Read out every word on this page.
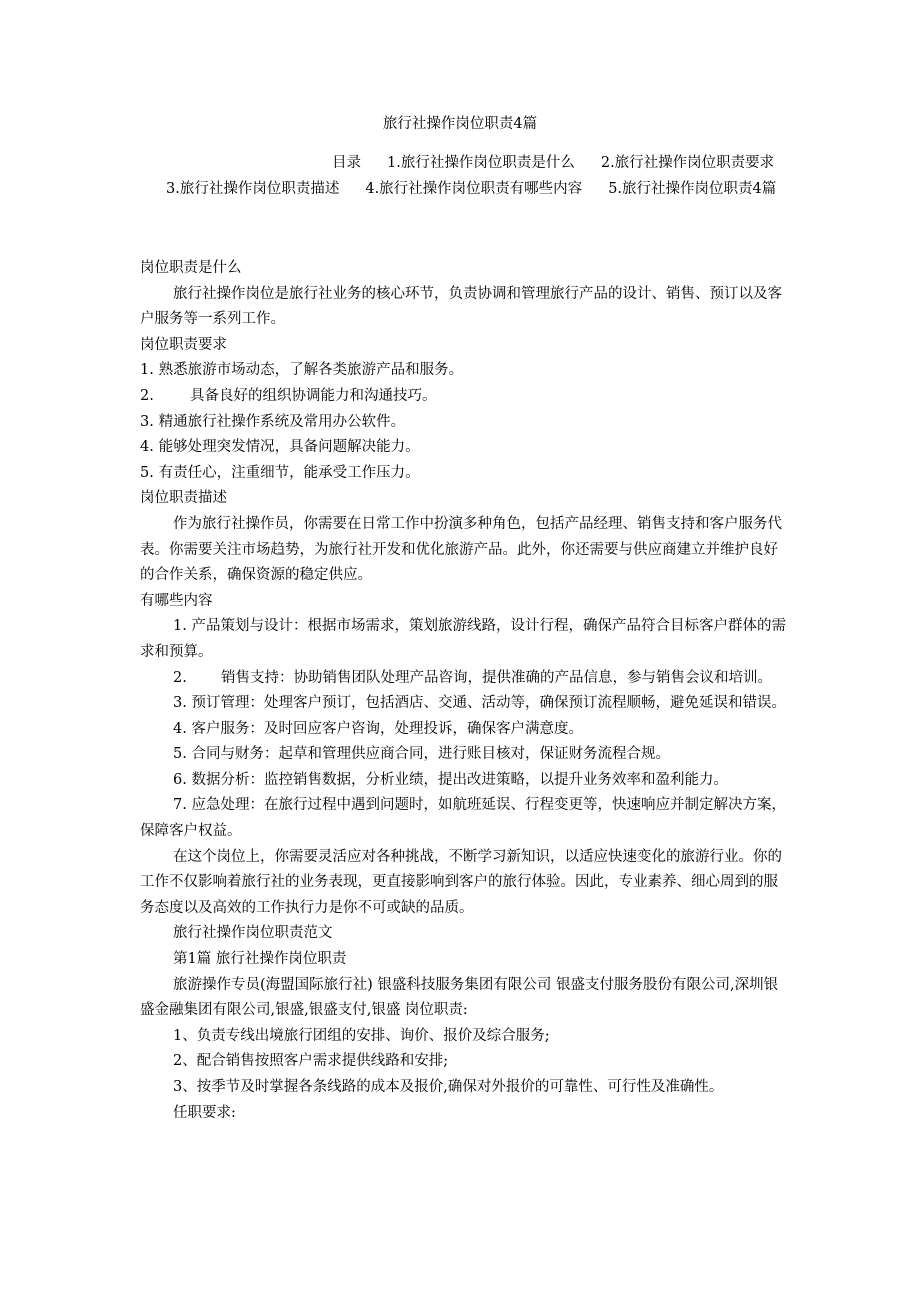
旅行社操作岗位职责4篇
目录 1.旅行社操作岗位职责是什么 2.旅行社操作岗位职责要求3.旅行社操作岗位职责描述 4.旅行社操作岗位职责有哪些内容 5.旅行社操作岗位职责4篇

岗位职责是什么

旅行社操作岗位是旅行社业务的核心环节，负责协调和管理旅行产品的设计、销售、预订以及客户服务等一系列工作。

岗位职责要求

1. 熟悉旅游市场动态，了解各类旅游产品和服务。

2. 具备良好的组织协调能力和沟通技巧。

3. 精通旅行社操作系统及常用办公软件。

4. 能够处理突发情况，具备问题解决能力。

5. 有责任心，注重细节，能承受工作压力。

岗位职责描述

作为旅行社操作员，你需要在日常工作中扮演多种角色，包括产品经理、销售支持和客户服务代表。你需要关注市场趋势，为旅行社开发和优化旅游产品。此外，你还需要与供应商建立并维护良好的合作关系，确保资源的稳定供应。

有哪些内容

1. 产品策划与设计：根据市场需求，策划旅游线路，设计行程，确保产品符合目标客户群体的需求和预算。

2. 销售支持：协助销售团队处理产品咨询，提供准确的产品信息，参与销售会议和培训。

3. 预订管理：处理客户预订，包括酒店、交通、活动等，确保预订流程顺畅，避免延误和错误。

4. 客户服务：及时回应客户咨询，处理投诉，确保客户满意度。

5. 合同与财务：起草和管理供应商合同，进行账目核对，保证财务流程合规。

6. 数据分析：监控销售数据，分析业绩，提出改进策略，以提升业务效率和盈利能力。

7. 应急处理：在旅行过程中遇到问题时，如航班延误、行程变更等，快速响应并制定解决方案，保障客户权益。

在这个岗位上，你需要灵活应对各种挑战，不断学习新知识，以适应快速变化的旅游行业。你的工作不仅影响着旅行社的业务表现，更直接影响到客户的旅行体验。因此，专业素养、细心周到的服务态度以及高效的工作执行力是你不可或缺的品质。

旅行社操作岗位职责范文

第1篇 旅行社操作岗位职责

旅游操作专员(海盟国际旅行社) 银盛科技服务集团有限公司 银盛支付服务股份有限公司,深圳银盛金融集团有限公司,银盛,银盛支付,银盛 岗位职责:

1、负责专线出境旅行团组的安排、询价、报价及综合服务;

2、配合销售按照客户需求提供线路和安排;

3、按季节及时掌握各条线路的成本及报价,确保对外报价的可靠性、可行性及准确性。

任职要求:
